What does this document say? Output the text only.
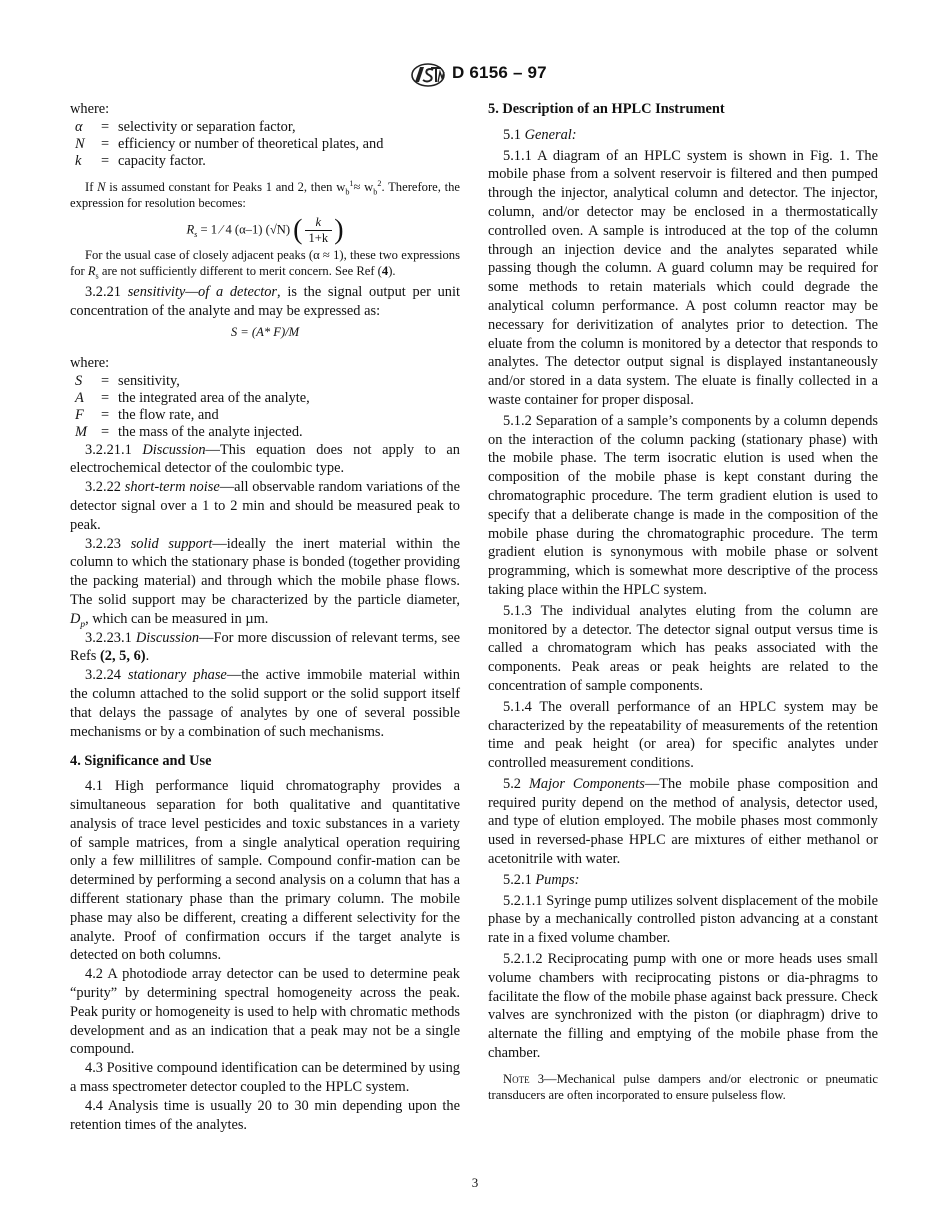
D 6156 – 97
where:
α	= selectivity or separation factor,
N	= efficiency or number of theoretical plates, and
k	= capacity factor.

If N is assumed constant for Peaks 1 and 2, then $w_b^1\approx w_b^2$. Therefore, the expression for resolution becomes:

$R_s = 1$ ⁄ 4 (α–1) (√N) ( $\frac{k}{1+k}$ )

For the usual case of closely adjacent peaks (α ≈ 1), these two expressions for $R_s$ are not sufficiently different to merit concern. See Ref (4).

3.2.21 sensitivity—of a detector, is the signal output per unit concentration of the analyte and may be expressed as:

S = (A* F)/M
where:
S	= sensitivity,
A	= the integrated area of the analyte,
F	= the flow rate, and
M = the mass of the analyte injected.

3.2.21.1 Discussion—This equation does not apply to an electrochemical detector of the coulombic type.

3.2.22 short-term noise—all observable random variations of the detector signal over a 1 to 2 min and should be measured peak to peak.

3.2.23 solid support—ideally the inert material within the column to which the stationary phase is bonded (together providing the packing material) and through which the mobile phase flows. The solid support may be characterized by the particle diameter, $D_p$, which can be measured in µm.

3.2.23.1 Discussion—For more discussion of relevant terms, see Refs (2, 5, 6).

3.2.24 stationary phase—the active immobile material within the column attached to the solid support or the solid support itself that delays the passage of analytes by one of several possible mechanisms or by a combination of such mechanisms.

4. Significance and Use

4.1 High performance liquid chromatography provides a simultaneous separation for both qualitative and quantitative analysis of trace level pesticides and toxic substances in a variety of sample matrices, from a single analytical operation requiring only a few millilitres of sample. Compound confir-mation can be determined by performing a second analysis on a column that has a different stationary phase than the primary column. The mobile phase may also be different, creating a different selectivity for the analyte. Proof of confirmation occurs if the target analyte is detected on both columns.

4.2 A photodiode array detector can be used to determine peak “purity” by determining spectral homogeneity across the peak. Peak purity or homogeneity is used to help with chromatic methods development and as an indication that a peak may not be a single compound.

4.3 Positive compound identification can be determined by using a mass spectrometer detector coupled to the HPLC system.

4.4 Analysis time is usually 20 to 30 min depending upon the retention times of the analytes.

5. Description of an HPLC Instrument

5.1 General:

5.1.1 A diagram of an HPLC system is shown in Fig. 1. The mobile phase from a solvent reservoir is filtered and then pumped through the injector, analytical column and detector. The injector, column, and/or detector may be enclosed in a thermostatically controlled oven. A sample is introduced at the top of the column through an injection device and the analytes separated while passing though the column. A guard column may be required for some methods to retain materials which could degrade the analytical column performance. A post column reactor may be necessary for derivitization of analytes prior to detection. The eluate from the column is monitored by a detector that responds to analytes. The detector output signal is displayed instantaneously and/or stored in a data system. The eluate is finally collected in a waste container for proper disposal.

5.1.2 Separation of a sample’s components by a column depends on the interaction of the column packing (stationary phase) with the mobile phase. The term isocratic elution is used when the composition of the mobile phase is kept constant during the chromatographic procedure. The term gradient elution is used to specify that a deliberate change is made in the composition of the mobile phase during the chromatographic procedure. The term gradient elution is synonymous with mobile phase or solvent programming, which is somewhat more descriptive of the process taking place within the HPLC system.

5.1.3 The individual analytes eluting from the column are monitored by a detector. The detector signal output versus time is called a chromatogram which has peaks associated with the components. Peak areas or peak heights are related to the concentration of sample components.

5.1.4 The overall performance of an HPLC system may be characterized by the repeatability of measurements of the retention time and peak height (or area) for specific analytes under controlled measurement conditions.

5.2 Major Components—The mobile phase composition and required purity depend on the method of analysis, detector used, and type of elution employed. The mobile phases most commonly used in reversed-phase HPLC are mixtures of either methanol or acetonitrile with water.

5.2.1 Pumps:

5.2.1.1 Syringe pump utilizes solvent displacement of the mobile phase by a mechanically controlled piston advancing at a constant rate in a fixed volume chamber.

5.2.1.2 Reciprocating pump with one or more heads uses small volume chambers with reciprocating pistons or dia-phragms to facilitate the flow of the mobile phase against back pressure. Check valves are synchronized with the piston (or diaphragm) drive to alternate the filling and emptying of the mobile phase from the chamber.

Note 3—Mechanical pulse dampers and/or electronic or pneumatic transducers are often incorporated to ensure pulseless flow.

3
